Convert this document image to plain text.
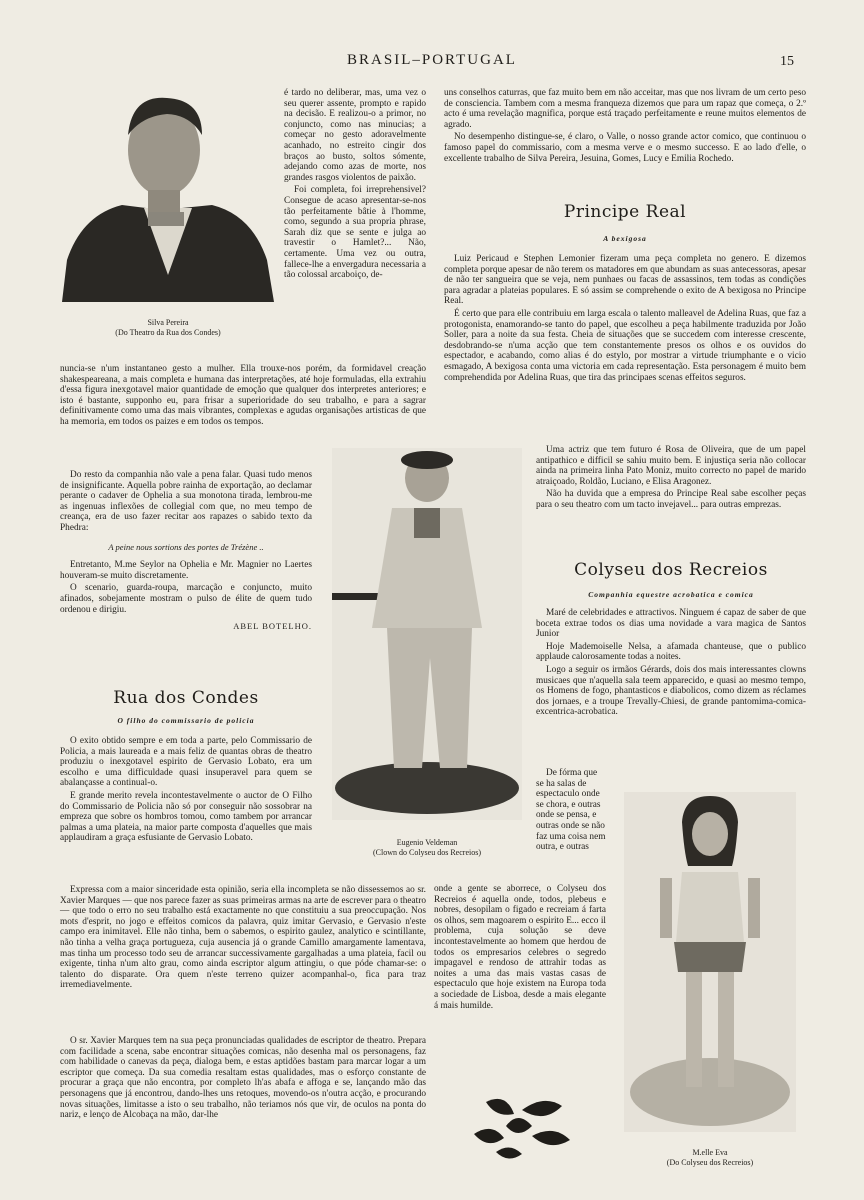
BRASIL–PORTUGAL	15
Silva Pereira
(Do Theatro da Rua dos Condes)

é tardo no deliberar, mas, uma vez o seu querer assente, prompto e rapido na decisão. E realizou-o a primor, no conjuncto, como nas minucias; a começar no gesto adoravelmente acanhado, no estreito cingir dos braços ao busto, soltos sómente, adejando como azas de morte, nos grandes rasgos violentos de paixão.

Foi completa, foi irreprehensivel? Consegue de acaso apresentar-se-nos tão perfeitamente bâtie à l'homme, como, segundo a sua propria phrase, Sarah diz que se sente e julga ao travestir o Hamlet?... Não, certamente. Uma vez ou outra, fallece-lhe a envergadura necessaria a tão colossal arcaboiço, de-

nuncia-se n'um instantaneo gesto a mulher. Ella trouxe-nos porém, da formidavel creação shakespeareana, a mais completa e humana das interpretações, até hoje formuladas, ella extrahiu d'essa figura inexgotavel maior quantidade de emoção que qualquer dos interpretes anteriores; e isto é bastante, supponho eu, para frisar a superioridade do seu trabalho, e para a sagrar definitivamente como uma das mais vibrantes, complexas e agudas organisações artisticas de que ha memoria, em todos os paizes e em todos os tempos.

Do resto da companhia não vale a pena falar. Quasi tudo menos de insignificante. Aquella pobre rainha de exportação, ao declamar perante o cadaver de Ophelia a sua monotona tirada, lembrou-me as ingenuas inflexões de collegial com que, no meu tempo de creança, era de uso fazer recitar aos rapazes o sabido texto da Phedra:

A peine nous sortions des portes de Trézène ..

Entretanto, M.me Seylor na Ophelia e Mr. Magnier no Laertes houveram-se muito discretamente.

O scenario, guarda-roupa, marcação e conjuncto, muito afinados, sobejamente mostram o pulso de élite de quem tudo ordenou e dirigiu.

ABEL BOTELHO.
Rua dos Condes
O filho do commissario de policia

O exito obtido sempre e em toda a parte, pelo Commissario de Policia, a mais laureada e a mais feliz de quantas obras de theatro produziu o inexgotavel espirito de Gervasio Lobato, era um escolho e uma difficuldade quasi insuperavel para quem se abalançasse a continual-o.

E grande merito revela incontestavelmente o auctor de O Filho do Commissario de Policia não só por conseguir não sossobrar na empreza que sobre os hombros tomou, como tambem por arrancar palmas a uma plateia, na maior parte composta d'aquelles que mais applaudiram a graça esfusiante de Gervasio Lobato.

Expressa com a maior sinceridade esta opinião, seria ella incompleta se não dissessemos ao sr. Xavier Marques — que nos parece fazer as suas primeiras armas na arte de escrever para o theatro — que todo o erro no seu trabalho está exactamente no que constituiu a sua preoccupação. Nos mots d'esprit, no jogo e effeitos comicos da palavra, quiz imitar Gervasio, e Gervasio n'este campo era inimitavel. Elle não tinha, bem o sabemos, o espirito gaulez, analytico e scintillante, não tinha a velha graça portugueza, cuja ausencia já o grande Camillo amargamente lamentava, mas tinha um processo todo seu de arrancar successivamente gargalhadas a uma plateia, facil ou exigente, tinha n'um alto grau, como ainda escriptor algum attingiu, o que póde chamar-se: o talento do disparate. Ora quem n'este terreno quizer acompanhal-o, fica para traz irremediavelmente.

O sr. Xavier Marques tem na sua peça pronunciadas qualidades de escriptor de theatro. Prepara com facilidade a scena, sabe encontrar situações comicas, não desenha mal os personagens, faz com habilidade o canevas da peça, dialoga bem, e estas aptidões bastam para marcar logar a um escriptor que começa. Da sua comedia resaltam estas qualidades, mas o esforço constante de procurar a graça que não encontra, por completo lh'as abafa e affoga e se, lançando mão das personagens que já encontrou, dando-lhes uns retoques, movendo-os n'outra acção, e procurando novas situações, limitasse a isto o seu trabalho, não teriamos nós que vir, de oculos na ponta do nariz, e lenço de Alcobaça na mão, dar-lhe

Eugenio Veldeman
(Clown do Colyseu dos Recreios)

uns conselhos caturras, que faz muito bem em não acceitar, mas que nos livram de um certo peso de consciencia. Tambem com a mesma franqueza dizemos que para um rapaz que começa, o 2.º acto é uma revelação magnifica, porque está traçado perfeitamente e reune muitos elementos de agrado.

No desempenho distingue-se, é claro, o Valle, o nosso grande actor comico, que continuou o famoso papel do commissario, com a mesma verve e o mesmo successo. E ao lado d'elle, o excellente trabalho de Silva Pereira, Jesuina, Gomes, Lucy e Emilia Rochedo.

Principe Real
A bexigosa

Luiz Pericaud e Stephen Lemonier fizeram uma peça completa no genero. E dizemos completa porque apesar de não terem os matadores em que abundam as suas antecessoras, apesar de não ter sangueira que se veja, nem punhaes ou facas de assassinos, tem todas as condições para agradar a plateias populares. E só assim se comprehende o exito de A bexigosa no Principe Real.

É certo que para elle contribuiu em larga escala o talento malleavel de Adelina Ruas, que faz a protogonista, enamorando-se tanto do papel, que escolheu a peça habilmente traduzida por João Soller, para a noite da sua festa. Cheia de situações que se succedem com interesse crescente, desdobrando-se n'uma acção que tem constantemente presos os olhos e os ouvidos do espectador, e acabando, como alias é do estylo, por mostrar a virtude triumphante e o vicio esmagado, A bexigosa conta uma victoria em cada representação. Esta personagem é muito bem comprehendida por Adelina Ruas, que tira das principaes scenas effeitos seguros.

Uma actriz que tem futuro é Rosa de Oliveira, que de um papel antipathico e difficil se sahiu muito bem. E injustiça seria não collocar ainda na primeira linha Pato Moniz, muito correcto no papel de marido atraiçoado, Roldão, Luciano, e Elisa Aragonez.

Não ha duvida que a empresa do Principe Real sabe escolher peças para o seu theatro com um tacto invejavel... para outras emprezas.

Colyseu dos Recreios
Companhia equestre acrobatica e comica

Maré de celebridades e attractivos. Ninguem é capaz de saber de que boceta extrae todos os dias uma novidade a vara magica de Santos Junior

Hoje Mademoiselle Nelsa, a afamada chanteuse, que o publico applaude calorosamente todas a noites.

Logo a seguir os irmãos Gérards, dois dos mais interessantes clowns musicaes que n'aquella sala teem apparecido, e quasi ao mesmo tempo, os Homens de fogo, phantasticos e diabolicos, como dizem as réclames dos jornaes, e a troupe Trevally-Chiesi, de grande pantomima-comica-excentrica-acrobatica.

De fórma que se ha salas de espectaculo onde se chora, e outras onde se pensa, e outras onde se não faz uma coisa nem outra, e outras

onde a gente se aborrece, o Colyseu dos Recreios é aquella onde, todos, plebeus e nobres, desopilam o figado e recreiam á farta os olhos, sem magoarem o espirito E... ecco il problema, cuja solução se deve incontestavelmente ao homem que herdou de todos os empresarios celebres o segredo impagavel e rendoso de attrahir todas as noites a uma das mais vastas casas de espectaculo que hoje existem na Europa toda a sociedade de Lisboa, desde a mais elegante á mais humilde.

M.elle Eva
(Do Colyseu dos Recreios)
